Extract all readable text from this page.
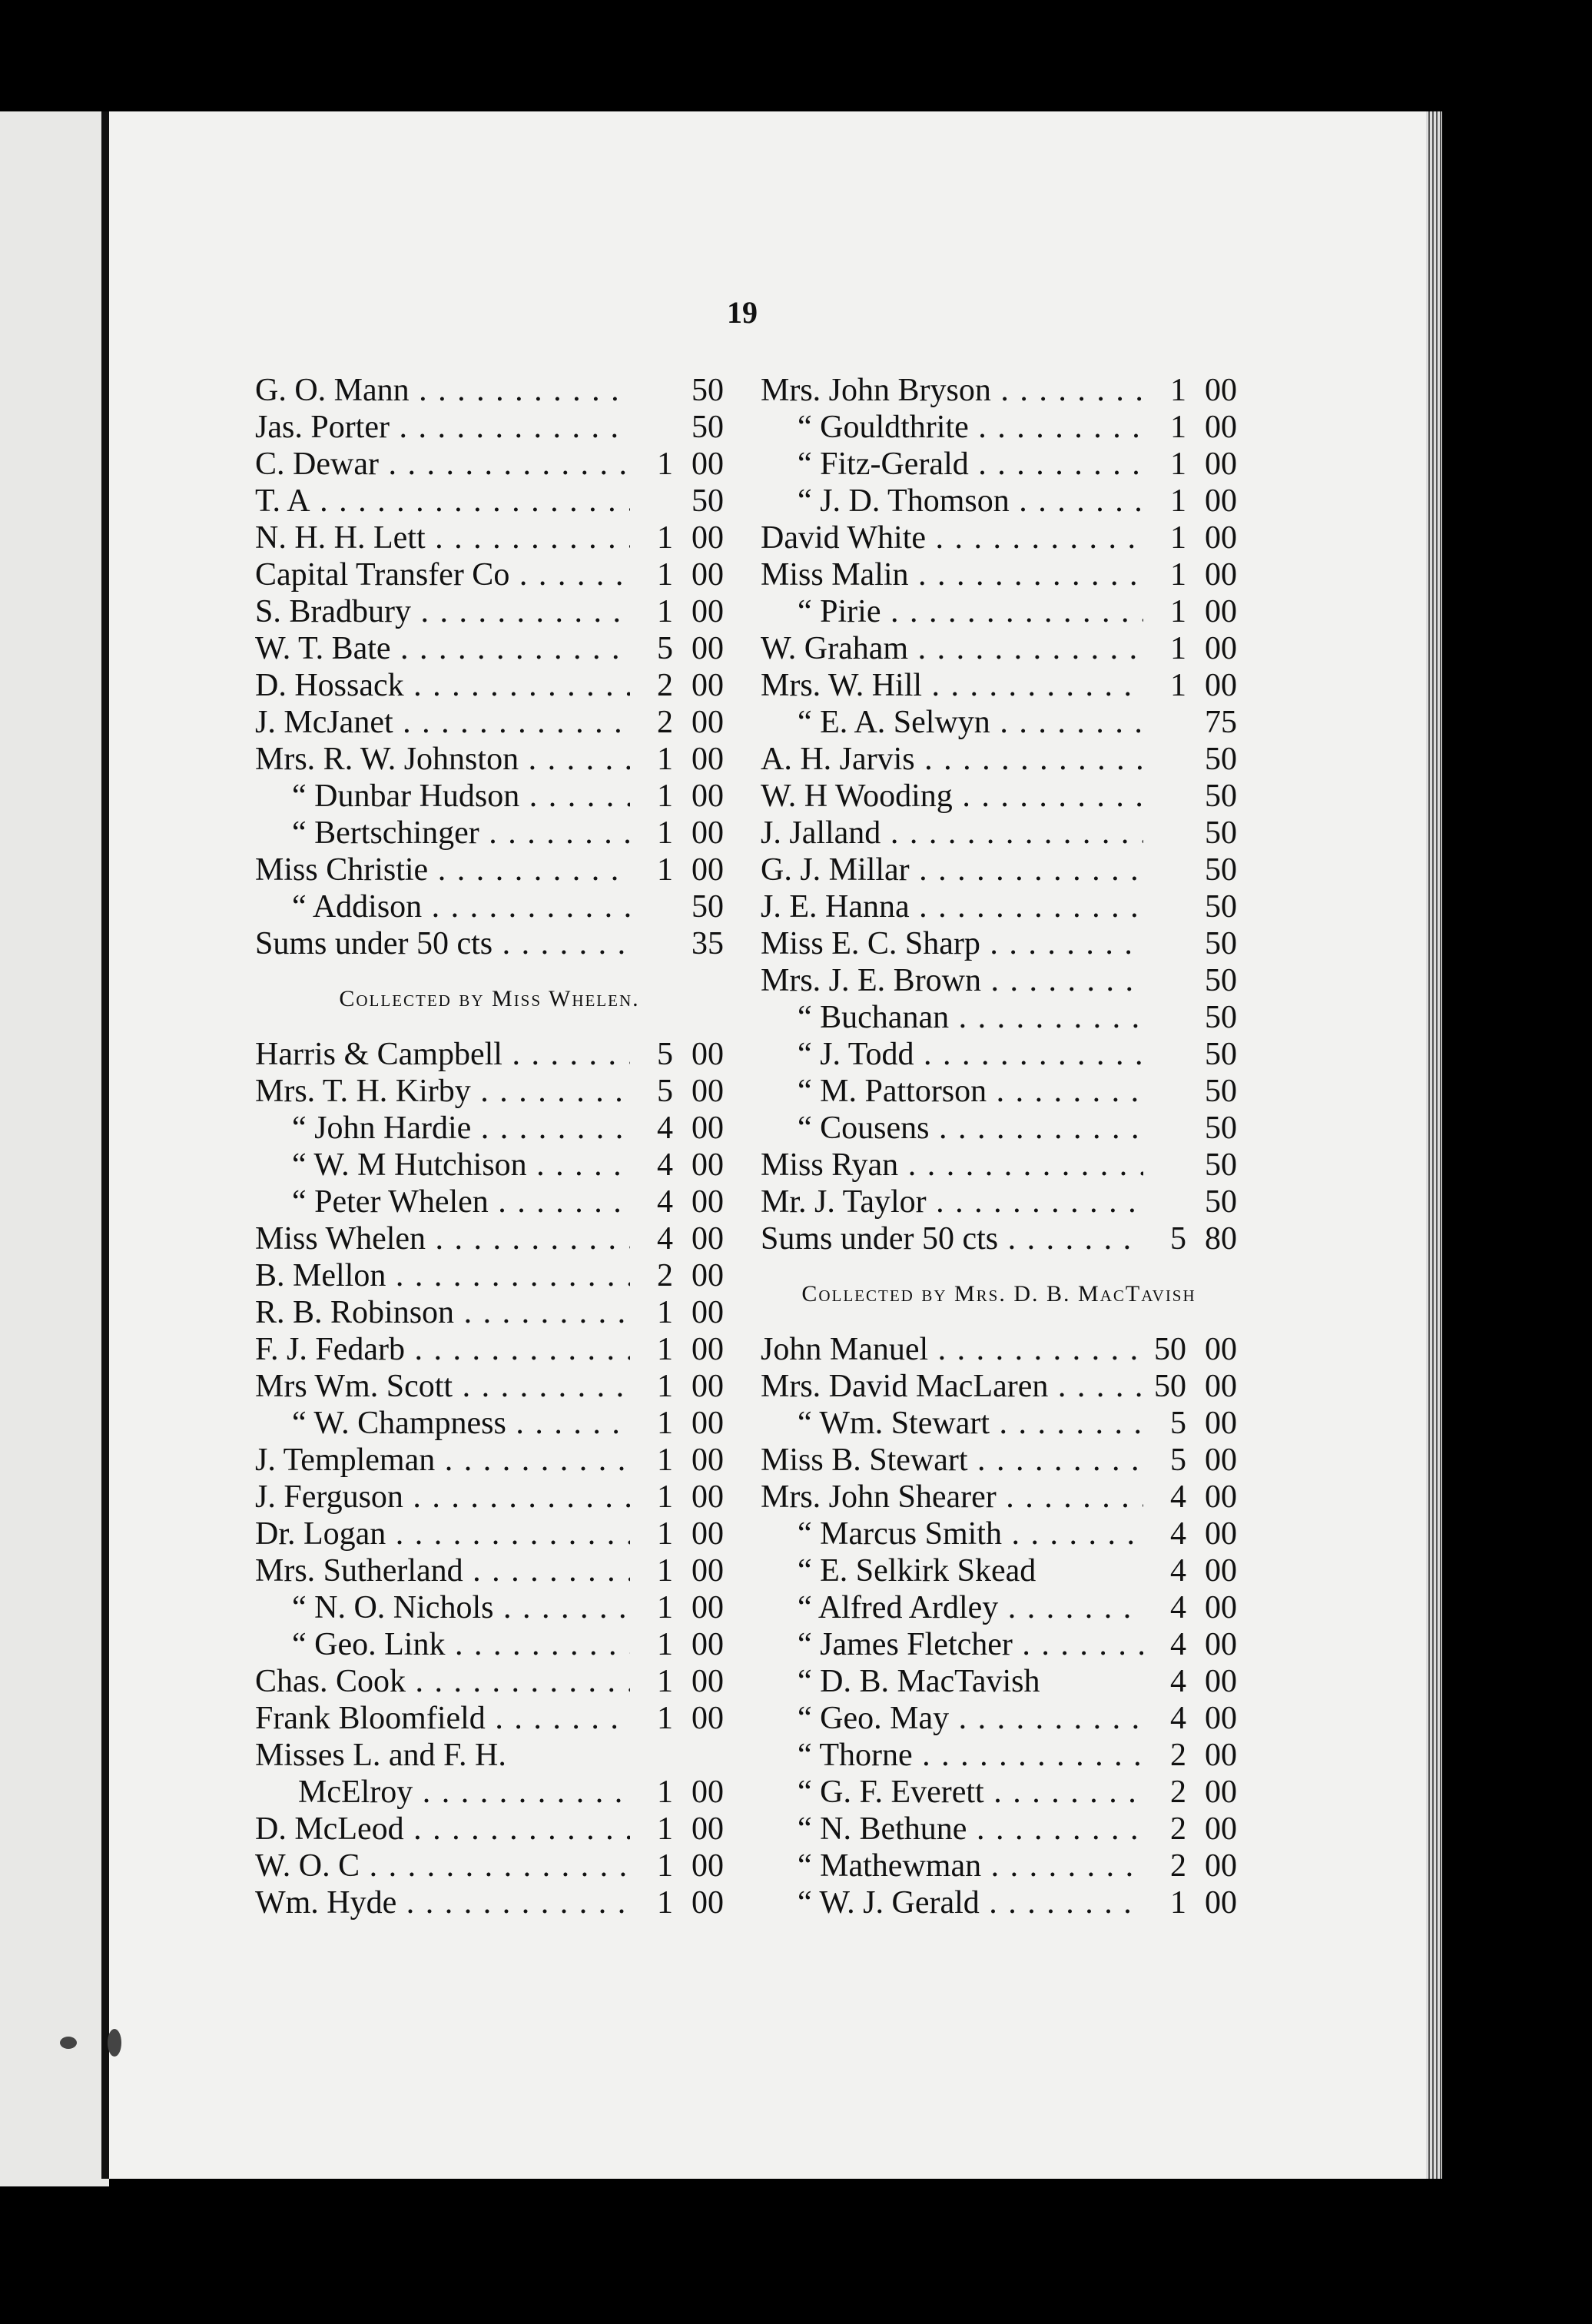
19
G. O. Mann . . .	50
Jas. Porter . . .	50
C. Dewar . . .	1 00
T. A . . .	50
N. H. H. Lett . . .	1 00
Capital Transfer Co . . .	1 00
S. Bradbury . . .	1 00
W. T. Bate . . .	5 00
D. Hossack . . .	2 00
J. McJanet . . .	2 00
Mrs. R. W. Johnston . . .	1 00
“ Dunbar Hudson . . .	1 00
“ Bertschinger . . .	1 00
Miss Christie . . .	1 00
“ Addison . . .	50
Sums under 50 cts . . .	35
Collected by Miss Whelen.
Harris & Campbell . . .	5 00
Mrs. T. H. Kirby . . .	5 00
“ John Hardie . . .	4 00
“ W. M Hutchison . . .	4 00
“ Peter Whelen . . .	4 00
Miss Whelen . . .	4 00
B. Mellon . . .	2 00
R. B. Robinson . . .	1 00
F. J. Fedarb . . .	1 00
Mrs Wm. Scott . . .	1 00
“ W. Champness . . .	1 00
J. Templeman . . .	1 00
J. Ferguson . . .	1 00
Dr. Logan . . .	1 00
Mrs. Sutherland . . .	1 00
“ N. O. Nichols . . .	1 00
“ Geo. Link . . .	1 00
Chas. Cook . . .	1 00
Frank Bloomfield . . .	1 00
Misses L. and F. H.
McElroy . . .	1 00
D. McLeod . . .	1 00
W. O. C . . .	1 00
Wm. Hyde . . .	1 00
Mrs. John Bryson . . .	1 00
“ Gouldthrite . . .	1 00
“ Fitz-Gerald . . .	1 00
“ J. D. Thomson . . .	1 00
David White . . .	1 00
Miss Malin . . .	1 00
“ Pirie . . .	1 00
W. Graham . . .	1 00
Mrs. W. Hill . . .	1 00
“ E. A. Selwyn . . .	75
A. H. Jarvis . . .	50
W. H Wooding . . .	50
J. Jalland . . .	50
G. J. Millar . . .	50
J. E. Hanna . . .	50
Miss E. C. Sharp . . .	50
Mrs. J. E. Brown . . .	50
“ Buchanan . . .	50
“ J. Todd . . .	50
“ M. Pattorson . . .	50
“ Cousens . . .	50
Miss Ryan . . .	50
Mr. J. Taylor . . .	50
Sums under 50 cts . . .	5 80
Collected by Mrs. D. B. MacTavish
John Manuel . . .	50 00
Mrs. David MacLaren . . .	50 00
“ Wm. Stewart . . .	5 00
Miss B. Stewart . . .	5 00
Mrs. John Shearer . . .	4 00
“ Marcus Smith . . .	4 00
“ E. Selkirk Skead	4 00
“ Alfred Ardley . . .	4 00
“ James Fletcher . . .	4 00
“ D. B. MacTavish	4 00
“ Geo. May . . .	4 00
“ Thorne . . .	2 00
“ G. F. Everett . . .	2 00
“ N. Bethune . . .	2 00
“ Mathewman . . .	2 00
“ W. J. Gerald . . .	1 00
